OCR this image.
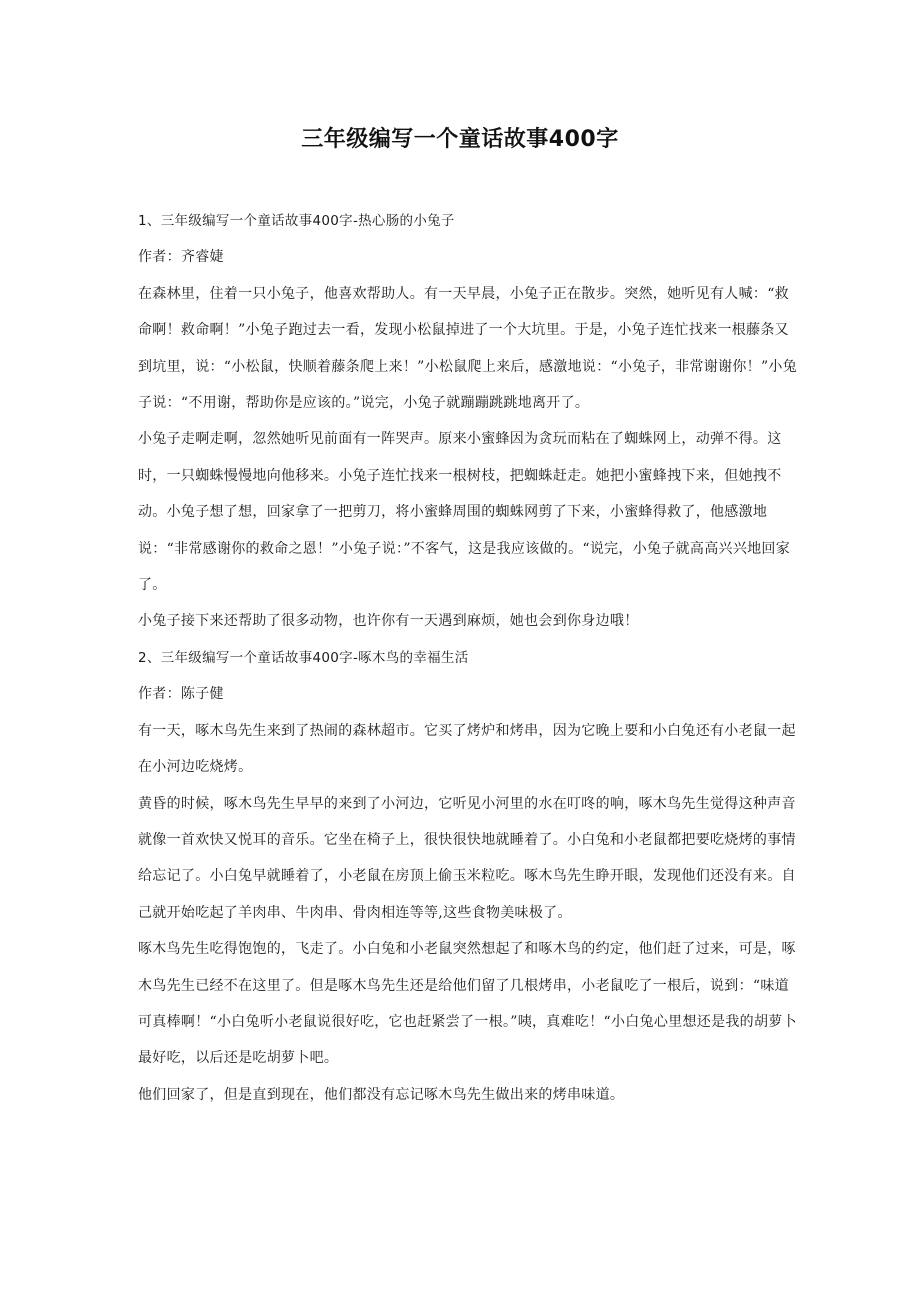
三年级编写一个童话故事400字

1、三年级编写一个童话故事400字-热心肠的小兔子

作者：齐睿婕

在森林里，住着一只小兔子，他喜欢帮助人。有一天早晨，小兔子正在散步。突然，她听见有人喊：“救命啊！救命啊！”小兔子跑过去一看，发现小松鼠掉进了一个大坑里。于是，小兔子连忙找来一根藤条又到坑里，说：“小松鼠，快顺着藤条爬上来！”小松鼠爬上来后，感激地说：“小兔子，非常谢谢你！”小兔子说：“不用谢，帮助你是应该的。”说完，小兔子就蹦蹦跳跳地离开了。

小兔子走啊走啊，忽然她听见前面有一阵哭声。原来小蜜蜂因为贪玩而粘在了蜘蛛网上，动弹不得。这时，一只蜘蛛慢慢地向他移来。小兔子连忙找来一根树枝，把蜘蛛赶走。她把小蜜蜂拽下来，但她拽不动。小兔子想了想，回家拿了一把剪刀，将小蜜蜂周围的蜘蛛网剪了下来，小蜜蜂得救了，他感激地说：“非常感谢你的救命之恩！”小兔子说：”不客气，这是我应该做的。“说完，小兔子就高高兴兴地回家了。

小兔子接下来还帮助了很多动物，也许你有一天遇到麻烦，她也会到你身边哦！

2、三年级编写一个童话故事400字-啄木鸟的幸福生活

作者：陈子健

有一天，啄木鸟先生来到了热闹的森林超市。它买了烤炉和烤串，因为它晚上要和小白兔还有小老鼠一起在小河边吃烧烤。

黄昏的时候，啄木鸟先生早早的来到了小河边，它听见小河里的水在叮咚的响，啄木鸟先生觉得这种声音就像一首欢快又悦耳的音乐。它坐在椅子上，很快很快地就睡着了。小白兔和小老鼠都把要吃烧烤的事情给忘记了。小白兔早就睡着了，小老鼠在房顶上偷玉米粒吃。啄木鸟先生睁开眼，发现他们还没有来。自己就开始吃起了羊肉串、牛肉串、骨肉相连等等,这些食物美味极了。

啄木鸟先生吃得饱饱的，飞走了。小白兔和小老鼠突然想起了和啄木鸟的约定，他们赶了过来，可是，啄木鸟先生已经不在这里了。但是啄木鸟先生还是给他们留了几根烤串，小老鼠吃了一根后，说到：“味道可真棒啊！“小白兔听小老鼠说很好吃，它也赶紧尝了一根。”咦，真难吃！“小白兔心里想还是我的胡萝卜最好吃，以后还是吃胡萝卜吧。

他们回家了，但是直到现在，他们都没有忘记啄木鸟先生做出来的烤串味道。
